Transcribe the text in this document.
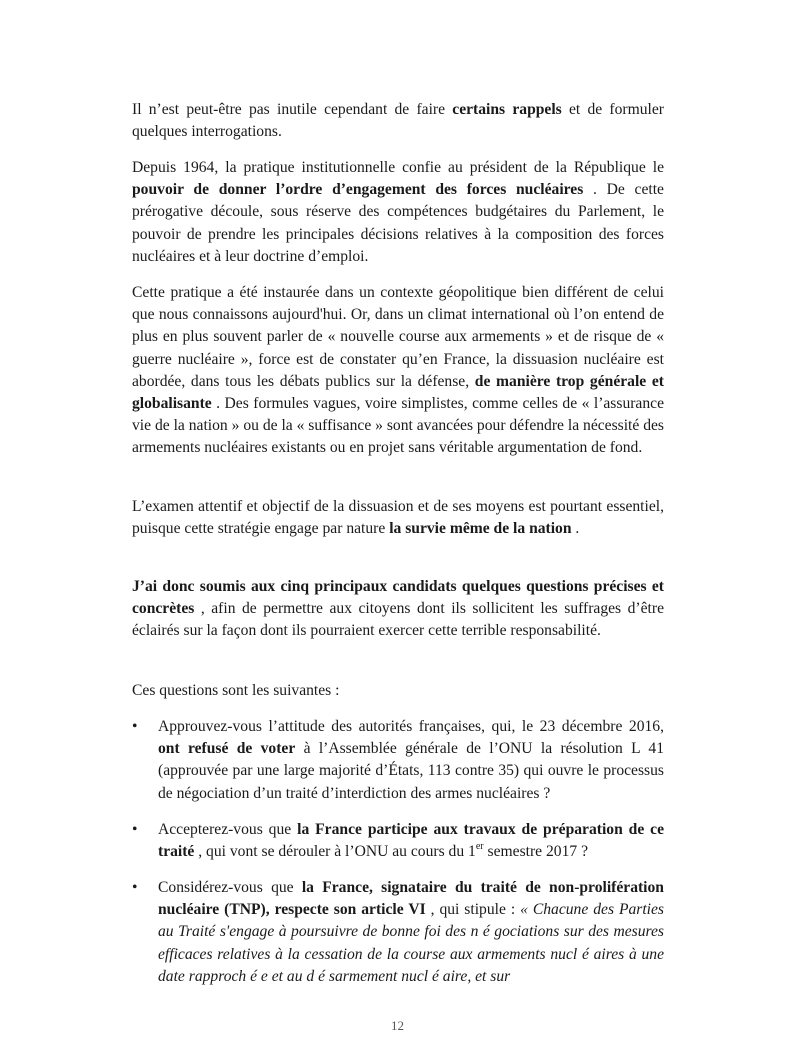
Il n’est peut-être pas inutile cependant de faire certains rappels et de formuler quelques interrogations.

Depuis 1964, la pratique institutionnelle confie au président de la République le pouvoir de donner l’ordre d’engagement des forces nucléaires . De cette prérogative découle, sous réserve des compétences budgétaires du Parlement, le pouvoir de prendre les principales décisions relatives à la composition des forces nucléaires et à leur doctrine d’emploi.

Cette pratique a été instaurée dans un contexte géopolitique bien différent de celui que nous connaissons aujourd'hui. Or, dans un climat international où l’on entend de plus en plus souvent parler de « nouvelle course aux armements » et de risque de « guerre nucléaire », force est de constater qu’en France, la dissuasion nucléaire est abordée, dans tous les débats publics sur la défense, de manière trop générale et globalisante . Des formules vagues, voire simplistes, comme celles de « l’assurance vie de la nation » ou de la « suffisance » sont avancées pour défendre la nécessité des armements nucléaires existants ou en projet sans véritable argumentation de fond.

L’examen attentif et objectif de la dissuasion et de ses moyens est pourtant essentiel, puisque cette stratégie engage par nature la survie même de la nation .

J’ai donc soumis aux cinq principaux candidats quelques questions précises et concrètes , afin de permettre aux citoyens dont ils sollicitent les suffrages d’être éclairés sur la façon dont ils pourraient exercer cette terrible responsabilité.

Ces questions sont les suivantes :

• Approuvez-vous l’attitude des autorités françaises, qui, le 23 décembre 2016, ont refusé de voter à l’Assemblée générale de l’ONU la résolution L 41 (approuvée par une large majorité d’États, 113 contre 35) qui ouvre le processus de négociation d’un traité d’interdiction des armes nucléaires ?

• Accepterez-vous que la France participe aux travaux de préparation de ce traité , qui vont se dérouler à l’ONU au cours du 1er semestre 2017 ?

• Considérez-vous que la France, signataire du traité de non-prolifération nucléaire (TNP), respecte son article VI , qui stipule : « Chacune des Parties au Traité s'engage à poursuivre de bonne foi des n é gociations sur des mesures efficaces relatives à la cessation de la course aux armements nucl é aires à une date rapproch é e et au d é sarmement nucl é aire, et sur

12
